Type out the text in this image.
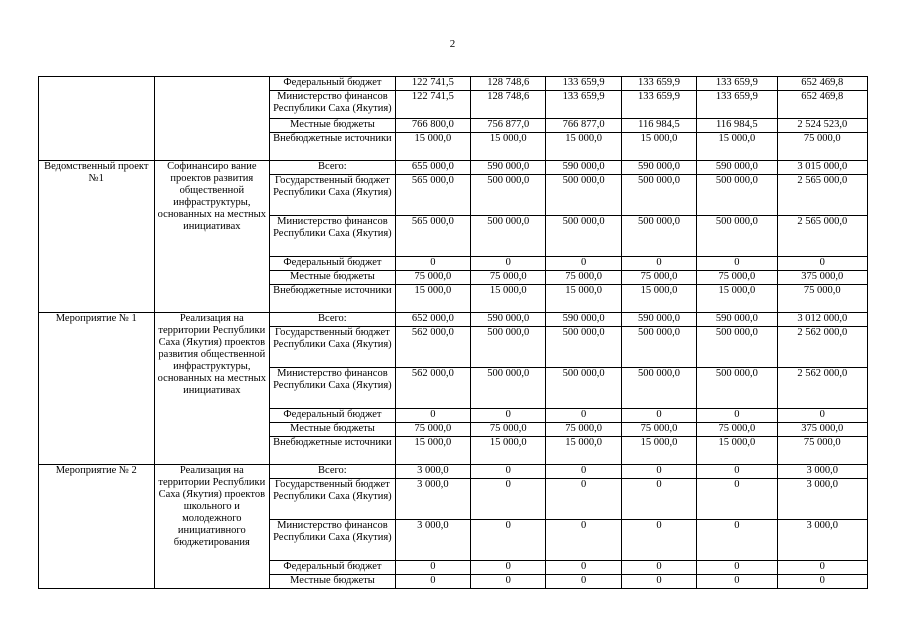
2
		Федеральный бюджет	122 741,5	128 748,6	133 659,9	133 659,9	133 659,9	652 469,8
		Министерство финансов Республики Саха (Якутия)	122 741,5	128 748,6	133 659,9	133 659,9	133 659,9	652 469,8
		Местные бюджеты	766 800,0	756 877,0	766 877,0	116 984,5	116 984,5	2 524 523,0
		Внебюджетные источники	15 000,0	15 000,0	15 000,0	15 000,0	15 000,0	75 000,0
Ведомственный проект №1	Софинансиро вание проектов развития общественной инфраструктуры, основанных на местных инициативах	Всего:	655 000,0	590 000,0	590 000,0	590 000,0	590 000,0	3 015 000,0
		Государственный бюджет Республики Саха (Якутия)	565 000,0	500 000,0	500 000,0	500 000,0	500 000,0	2 565 000,0
		Министерство финансов Республики Саха (Якутия)	565 000,0	500 000,0	500 000,0	500 000,0	500 000,0	2 565 000,0
		Федеральный бюджет	0	0	0	0	0	0
		Местные бюджеты	75 000,0	75 000,0	75 000,0	75 000,0	75 000,0	375 000,0
		Внебюджетные источники	15 000,0	15 000,0	15 000,0	15 000,0	15 000,0	75 000,0
Мероприятие № 1	Реализация на территории Республики Саха (Якутия) проектов развития общественной инфраструктуры, основанных на местных инициативах	Всего:	652 000,0	590 000,0	590 000,0	590 000,0	590 000,0	3 012 000,0
		Государственный бюджет Республики Саха (Якутия)	562 000,0	500 000,0	500 000,0	500 000,0	500 000,0	2 562 000,0
		Министерство финансов Республики Саха (Якутия)	562 000,0	500 000,0	500 000,0	500 000,0	500 000,0	2 562 000,0
		Федеральный бюджет	0	0	0	0	0	0
		Местные бюджеты	75 000,0	75 000,0	75 000,0	75 000,0	75 000,0	375 000,0
		Внебюджетные источники	15 000,0	15 000,0	15 000,0	15 000,0	15 000,0	75 000,0
Мероприятие № 2	Реализация на территории Республики Саха (Якутия) проектов школьного и молодежного инициативного бюджетирования	Всего:	3 000,0	0	0	0	0	3 000,0
		Государственный бюджет Республики Саха (Якутия)	3 000,0	0	0	0	0	3 000,0
		Министерство финансов Республики Саха (Якутия)	3 000,0	0	0	0	0	3 000,0
		Федеральный бюджет	0	0	0	0	0	0
		Местные бюджеты	0	0	0	0	0	0
